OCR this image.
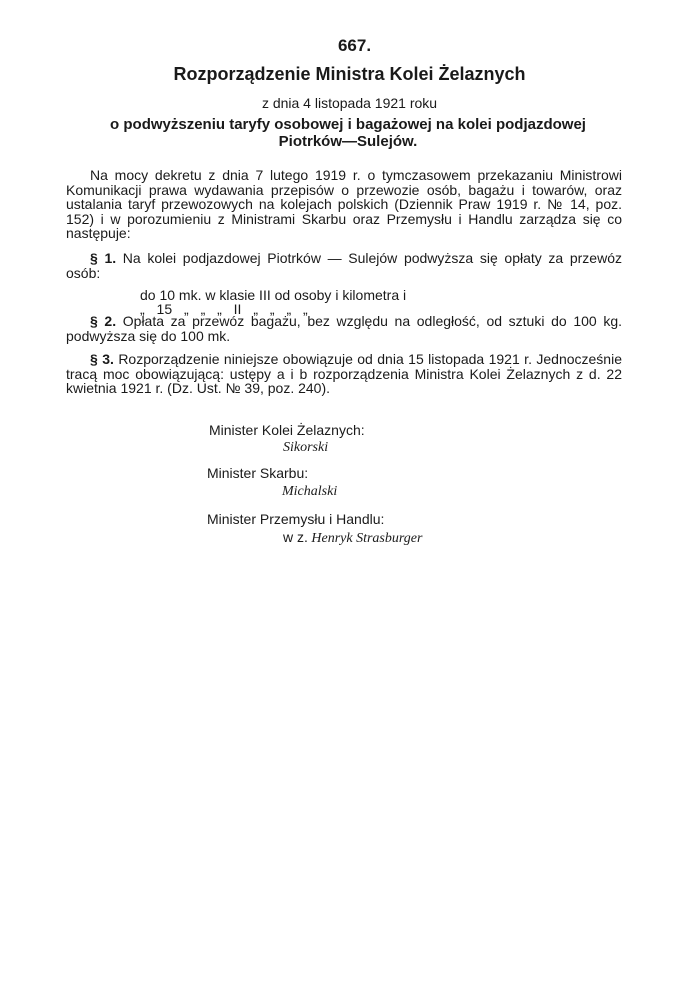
667.
Rozporządzenie Ministra Kolei Żelaznych
z dnia 4 listopada 1921 roku
o podwyższeniu taryfy osobowej i bagażowej na kolei podjazdowej
Piotrków—Sulejów.
Na mocy dekretu z dnia 7 lutego 1919 r. o tymczasowem przekazaniu Ministrowi Komunikacji prawa wydawania przepisów o przewozie osób, bagażu i towarów, oraz ustalania taryf przewozowych na kolejach polskich (Dziennik Praw 1919 r. № 14, poz. 152) i w porozumieniu z Ministrami Skarbu oraz Przemysłu i Handlu zarządza się co następuje:
§ 1. Na kolei podjazdowej Piotrków — Sulejów podwyższa się opłaty za przewóz osób:
do 10 mk. w klasie III od osoby i kilometra i
„ 15 „ „ „ II „ „ „ „
§ 2. Opłata za przewóz bagażu, bez względu na odległość, od sztuki do 100 kg. podwyższa się do 100 mk.
§ 3. Rozporządzenie niniejsze obowiązuje od dnia 15 listopada 1921 r. Jednocześnie tracą moc obowiązującą: ustępy a i b rozporządzenia Ministra Kolei Żelaznych z d. 22 kwietnia 1921 r. (Dz. Ust. № 39, poz. 240).
Minister Kolei Żelaznych:
Sikorski
Minister Skarbu:
Michalski
Minister Przemysłu i Handlu:
w z. Henryk Strasburger
